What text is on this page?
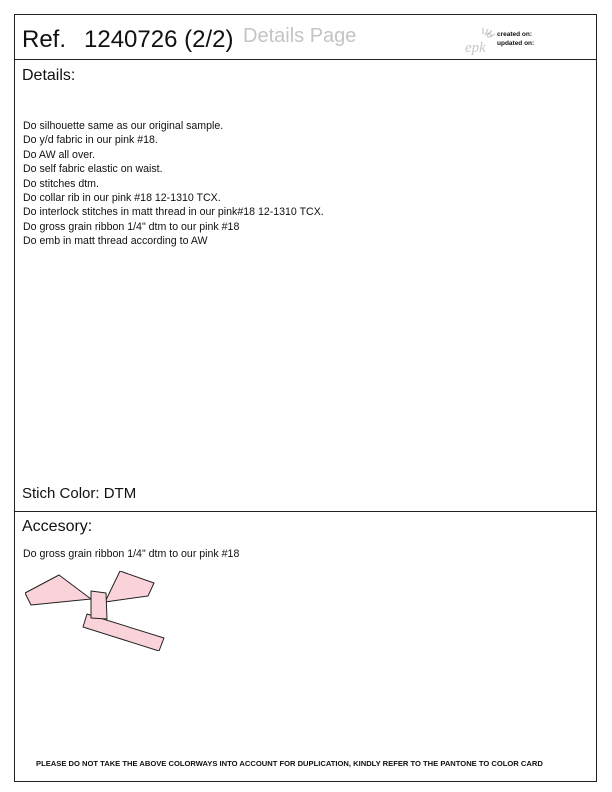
Ref. 1240726 (2/2) Details Page
epk
created on:
updated on:
Details:
Do silhouette same as our original sample.
Do y/d fabric in our pink #18.
Do AW all over.
Do self fabric elastic on waist.
Do stitches dtm.
Do collar rib in our pink #18 12-1310 TCX.
Do interlock stitches in matt thread in our pink#18 12-1310 TCX.
Do gross grain ribbon 1/4" dtm to our pink #18
Do emb in matt thread according to AW
Stich Color: DTM
Accesory:
Do gross grain ribbon 1/4" dtm to our pink #18
PLEASE DO NOT TAKE THE ABOVE COLORWAYS INTO ACCOUNT FOR DUPLICATION, KINDLY REFER TO THE PANTONE TO COLOR CARD
